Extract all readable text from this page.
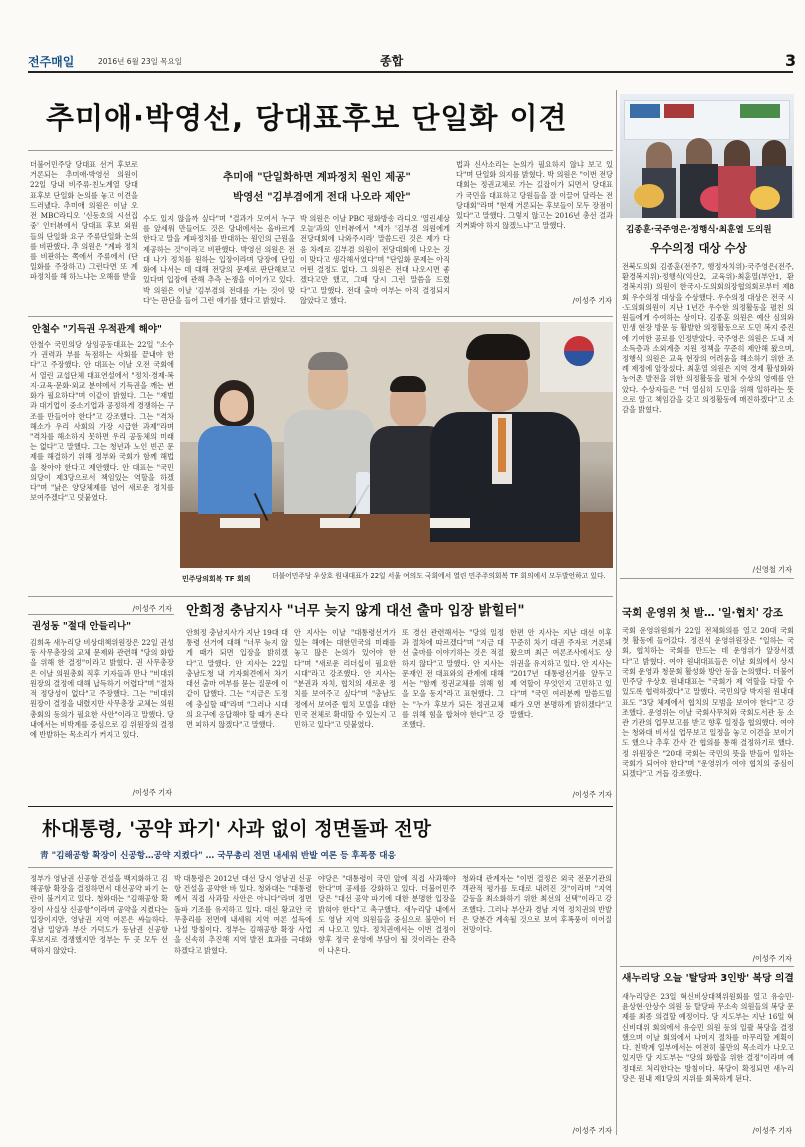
전주매일	2016년 6월 23일 목요일	종합	3
추미애·박영선, 당대표후보 단일화 이견
더불어민주당 당대표 선거 후보로 거론되는 추미애·박영선 의원이 22일 당내 비주류·친노계열 당대표후보 단일화 논의를 놓고 이견을 드러냈다. 추미애 의원은 이날 오전 MBC라디오 '신동호의 시선집중' 인터뷰에서 당대표 후보 외원들의 단일화 요구 주류단일화 논의를 비판했다. 추 의원은 "계파 정치를 비판하는 쪽에서 주류에서 (단일화를 주장하고) 그런다면 또 계파정치를 해 하느냐는 오해를 받을
추미애 "단일화하면 계파정치 원인 제공"
박영선 "김부겸에게 전대 나오라 제안"
수도 있지 않을까 싶다"며 "결과가 모여서 누구를 앞세워 만들어도 것은 당내에서는 올바르게 한다고 말을 계파정치를 반대하는 원인의 근원을 제공하는 것"이라고 비판했다. 박영선 의원은 전대 나가 정치를 원하는 입장이라며 당장에 단일화에 나서는 데 대해 전당의 문제로 판단해보고 있다며 입장에 관해 추측 논쟁을 이어가고 있다. 박 의원은 이날 '김부겸의 전대를 가는 것이 맞다'는 판단을 들어 그런 얘기를 했다고 밝혔다.
박 의원은 이날 PBC 평화방송 라디오 '열린세상 오늘'과의 인터뷰에서 "제가 '김부겸 의원에게 전당대회에 나와주시라' 말씀드린 것은 제가 다음 차례로 김부겸 의원이 전당대회에 나오는 것이 맞다고 생각해서였다"며 "단일화 문제는 아직 어떤 결정도 없다. 그 의원은 전대 나오시면 좋겠다고만 했고, 그때 당시 그런 말씀을 드렸다"고 말했다. 전대 출마 여부는 아직 결정되지 않았다고 했다.
법과 신사소리는 논의가 필요하지 않냐 보고 있다"며 단일화 의지를 밝혔다. 박 의원은 "이번 전당대회는 정권교체로 가는 길잡이가 되면서 당대표가 국민을 대표하고 당원들을 잘 이끌어 달라는 전당대회"라며 "현재 거론되는 후보들이 모두 장점이 있다"고 말했다. 그렇지 않고는 2016년 총선 결과 지켜봐야 하지 않겠느냐"고 말했다.
/이성주 기자
김종훈·국주영은·정행식·최훈열 도의원
우수의정 대상 수상
전북도의회 김종훈(전주7, 행정자치위)·국주영은(전주, 환경복지위)·정행식(익산2, 교육위)·최훈열(부안1, 환경복지위) 의원이 한국시·도의회의장협의회로부터 제8회 우수의정 대상을 수상했다. 우수의정 대상은 전국 시·도의회의원이 지난 1년간 우수한 의정활동을 펼친 의원들에게 수여하는 상이다. 김종훈 의원은 예산 심의와 민생 현장 방문 등 활발한 의정활동으로 도민 복지 증진에 기여한 공로를 인정받았다. 국주영은 의원은 도내 저소득층과 소외계층 지원 정책을 꾸준히 제안해 왔으며, 정행식 의원은 교육 현장의 어려움을 해소하기 위한 조례 제정에 앞장섰다. 최훈열 의원은 지역 경제 활성화와 농어촌 발전을 위한 의정활동을 펼쳐 수상의 영예를 안았다. 수상자들은 "더 열심히 도민을 위해 일하라는 뜻으로 알고 책임감을 갖고 의정활동에 매진하겠다"고 소감을 밝혔다.
/신영철 기자
안철수 "기득권 우적관계 해야"
안철수 국민의당 상임공동대표는 22일 "소수가 권력과 부를 독점하는 사회를 끝내야 한다"고 주장했다. 안 대표는 이날 오전 국회에서 열린 교섭단체 대표연설에서 "정치·경제·복지·교육·문화·외교 분야에서 기득권을 깨는 변화가 필요하다"며 이같이 밝혔다. 그는 "재벌과 대기업이 중소기업과 공정하게 경쟁하는 구조를 만들어야 한다"고 강조했다. 그는 "격차해소가 우리 사회의 가장 시급한 과제"라며 "격차를 해소하지 못하면 우리 공동체의 미래는 없다"고 말했다. 그는 청년과 노인 빈곤 문제를 해결하기 위해 정부와 국회가 함께 해법을 찾아야 한다고 제안했다. 안 대표는 "국민의당이 제3당으로서 책임있는 역할을 하겠다"며 "낡은 양당체제를 넘어 새로운 정치를 보여주겠다"고 덧붙였다.
/이성주 기자
민주당의회복 TF 회의	더불어민주당 우상호 원내대표가 22일 서울 여의도 국회에서 열린 민주주의회복 TF 회의에서 모두발언하고 있다.
안희정 충남지사 "너무 늦지 않게 대선 출마 입장 밝힐터"
권성동 "절대 안들리나"
김희옥 새누리당 비상대책위원장은 22일 권성동 사무총장의 교체 문제와 관련해 "당의 화합을 위해 한 결정"이라고 밝혔다. 권 사무총장은 이날 의원총회 직후 기자들과 만나 "비대위원장의 결정에 대해 납득하기 어렵다"며 "절차적 정당성이 없다"고 주장했다. 그는 "비대위원장이 결정을 내렸지만 사무총장 교체는 의원총회의 동의가 필요한 사안"이라고 말했다. 당내에서는 비박계를 중심으로 김 위원장의 결정에 반발하는 목소리가 커지고 있다.
/이성주 기자
안희정 충남지사가 지난 19대 대통령 선거에 대해 "너무 늦지 않게 때가 되면 입장을 밝히겠다"고 말했다. 안 지사는 22일 충남도청 내 기자회견에서 차기 대선 출마 여부를 묻는 질문에 이같이 답했다. 그는 "지금은 도정에 충실할 때"라며 "그러나 시대의 요구에 응답해야 할 때가 온다면 피하지 않겠다"고 말했다.
안 지사는 이날 "대통령선거가 있는 해에는 대한민국의 미래를 놓고 많은 논의가 있어야 한다"며 "새로운 리더십이 필요한 시대"라고 강조했다. 안 지사는 "분권과 자치, 협치의 새로운 정치를 보여주고 싶다"며 "충남도정에서 보여준 협치 모델을 대한민국 전체로 확대할 수 있는지 고민하고 있다"고 덧붙였다.
또 경선 관련해서는 "당의 일정과 절차에 따르겠다"며 "지금 대선 출마를 이야기하는 것은 적절하지 않다"고 말했다. 안 지사는 문재인 전 대표와의 관계에 대해서는 "함께 정권교체를 위해 힘을 모을 동지"라고 표현했다. 그는 "누가 후보가 되든 정권교체를 위해 힘을 합쳐야 한다"고 강조했다.
한편 안 지사는 지난 대선 이후 꾸준히 차기 대권 주자로 거론돼 왔으며 최근 여론조사에서도 상위권을 유지하고 있다. 안 지사는 "2017년 대통령선거를 앞두고 제 역할이 무엇인지 고민하고 있다"며 "국민 여러분께 말씀드릴 때가 오면 분명하게 밝히겠다"고 말했다.
/이성주 기자
국회 운영위 첫 발… '일·협치' 강조
국회 운영위원회가 22일 전체회의를 열고 20대 국회 첫 활동에 들어갔다. 정진석 운영위원장은 "일하는 국회, 협치하는 국회를 만드는 데 운영위가 앞장서겠다"고 밝혔다. 여야 원내대표들은 이날 회의에서 상시 국회 운영과 청문회 활성화 방안 등을 논의했다. 더불어민주당 우상호 원내대표는 "국회가 제 역할을 다할 수 있도록 협력하겠다"고 말했다. 국민의당 박지원 원내대표도 "3당 체제에서 협치의 모범을 보여야 한다"고 강조했다. 운영위는 이날 국회사무처와 국회도서관 등 소관 기관의 업무보고를 받고 향후 일정을 협의했다. 여야는 청와대 비서실 업무보고 일정을 놓고 이견을 보이기도 했으나 추후 간사 간 협의를 통해 결정하기로 했다. 정 위원장은 "20대 국회는 국민의 뜻을 받들어 일하는 국회가 되어야 한다"며 "운영위가 여야 협치의 중심이 되겠다"고 거듭 강조했다.
/이성주 기자
朴대통령, '공약 파기' 사과 없이 정면돌파 전망
靑 "김해공항 확장이 신공항…공약 지켰다" … 국무총리 전면 내세워 반발 여론 등 후폭풍 대응
정부가 영남권 신공항 건설을 백지화하고 김해공항 확장을 결정하면서 대선공약 파기 논란이 불거지고 있다. 청와대는 "김해공항 확장이 사실상 신공항"이라며 공약을 지켰다는 입장이지만, 영남권 지역 여론은 싸늘하다. 경남 밀양과 부산 가덕도가 동남권 신공항 후보지로 경쟁했지만 정부는 두 곳 모두 선택하지 않았다.
박 대통령은 2012년 대선 당시 영남권 신공항 건설을 공약한 바 있다. 청와대는 "대통령께서 직접 사과할 사안은 아니다"라며 정면 돌파 기조를 유지하고 있다. 대신 황교안 국무총리를 전면에 내세워 지역 여론 설득에 나설 방침이다. 정부는 김해공항 확장 사업을 신속히 추진해 지역 발전 효과를 극대화하겠다고 밝혔다.
야당은 "대통령이 국민 앞에 직접 사과해야 한다"며 공세를 강화하고 있다. 더불어민주당은 "대선 공약 파기에 대한 분명한 입장을 밝혀야 한다"고 촉구했다. 새누리당 내에서도 영남 지역 의원들을 중심으로 불만이 터져 나오고 있다. 정치권에서는 이번 결정이 향후 정국 운영에 부담이 될 것이라는 관측이 나온다.
청와대 관계자는 "이번 결정은 외국 전문기관의 객관적 평가를 토대로 내려진 것"이라며 "지역 갈등을 최소화하기 위한 최선의 선택"이라고 강조했다. 그러나 부산과 경남 지역 정치권의 반발은 당분간 계속될 것으로 보여 후폭풍이 이어질 전망이다.
/이성주 기자
새누리당 오늘 '탈당파 3인방' 복당 의결
새누리당은 23일 혁신비상대책위원회를 열고 유승민·윤상현·안상수 의원 등 탈당파 무소속 의원들의 복당 문제를 최종 의결할 예정이다. 당 지도부는 지난 16일 혁신비대위 회의에서 유승민 의원 등의 일괄 복당을 결정했으며 이날 회의에서 나머지 절차를 마무리할 계획이다. 친박계 일부에서는 여전히 불만의 목소리가 나오고 있지만 당 지도부는 "당의 화합을 위한 결정"이라며 예정대로 처리한다는 방침이다. 복당이 확정되면 새누리당은 원내 제1당의 지위를 회복하게 된다.
/이성주 기자
